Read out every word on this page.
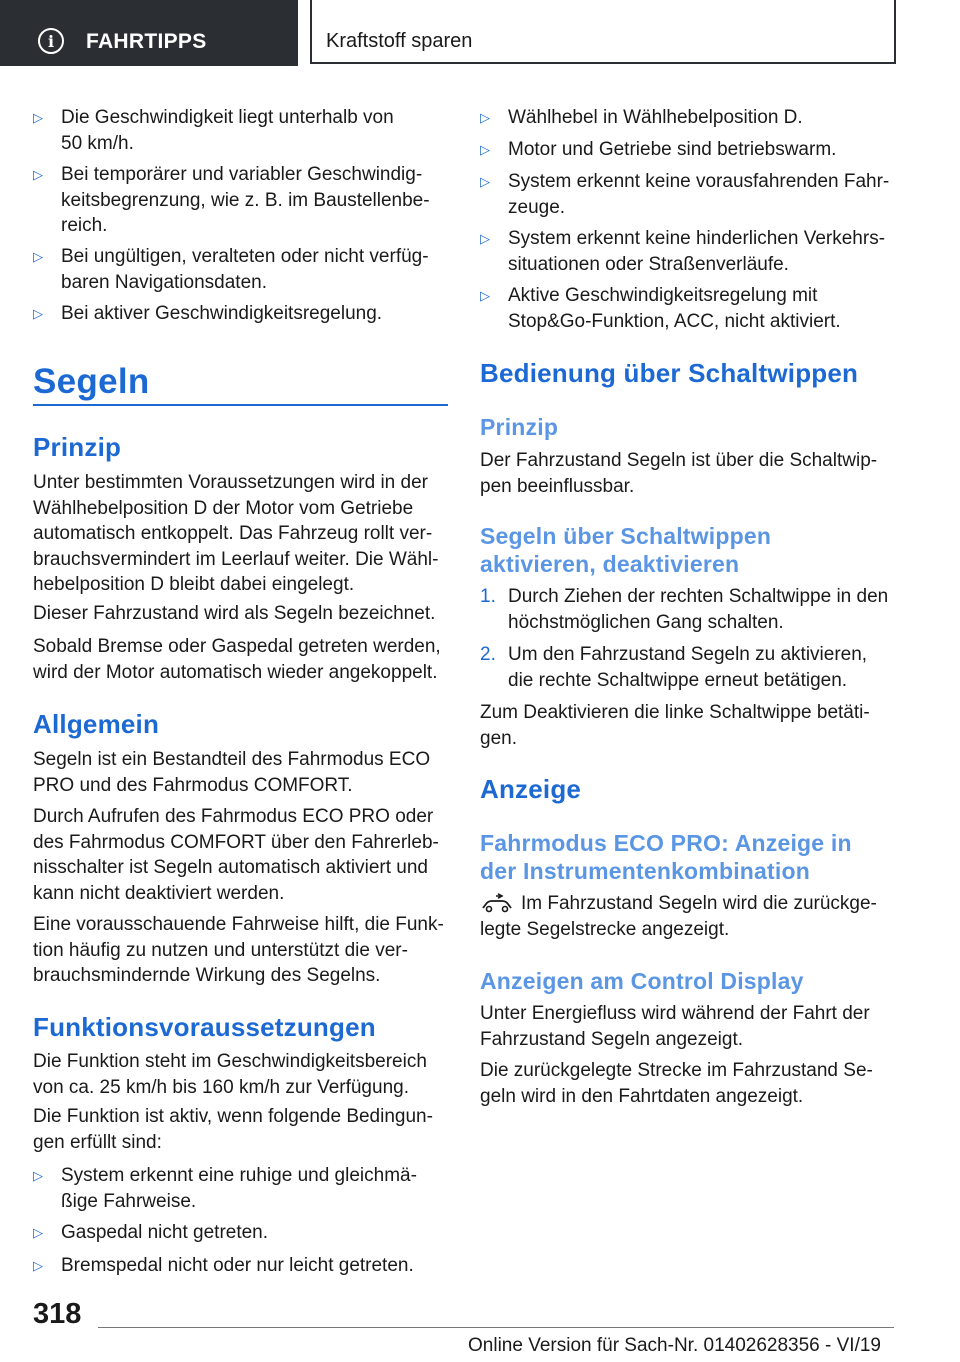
i	FAHRTIPPS	Kraftstoff sparen
▷ Die Geschwindigkeit liegt unterhalb von
50 km/h.
▷ Bei temporärer und variabler Geschwindig-
keitsbegrenzung, wie z. B. im Baustellenbe-
reich.
▷ Bei ungültigen, veralteten oder nicht verfüg-
baren Navigationsdaten.
▷ Bei aktiver Geschwindigkeitsregelung.
Segeln
Prinzip
Unter bestimmten Voraussetzungen wird in der
Wählhebelposition D der Motor vom Getriebe
automatisch entkoppelt. Das Fahrzeug rollt ver-
brauchsvermindert im Leerlauf weiter. Die Wähl-
hebelposition D bleibt dabei eingelegt.
Dieser Fahrzustand wird als Segeln bezeichnet.
Sobald Bremse oder Gaspedal getreten werden,
wird der Motor automatisch wieder angekoppelt.
Allgemein
Segeln ist ein Bestandteil des Fahrmodus ECO
PRO und des Fahrmodus COMFORT.
Durch Aufrufen des Fahrmodus ECO PRO oder
des Fahrmodus COMFORT über den Fahrerleb-
nisschalter ist Segeln automatisch aktiviert und
kann nicht deaktiviert werden.
Eine vorausschauende Fahrweise hilft, die Funk-
tion häufig zu nutzen und unterstützt die ver-
brauchsmindernde Wirkung des Segelns.
Funktionsvoraussetzungen
Die Funktion steht im Geschwindigkeitsbereich
von ca. 25 km/h bis 160 km/h zur Verfügung.
Die Funktion ist aktiv, wenn folgende Bedingun-
gen erfüllt sind:
▷ System erkennt eine ruhige und gleichmä-
ßige Fahrweise.
▷ Gaspedal nicht getreten.
▷ Bremspedal nicht oder nur leicht getreten.
▷ Wählhebel in Wählhebelposition D.
▷ Motor und Getriebe sind betriebswarm.
▷ System erkennt keine vorausfahrenden Fahr-
zeuge.
▷ System erkennt keine hinderlichen Verkehrs-
situationen oder Straßenverläufe.
▷ Aktive Geschwindigkeitsregelung mit
Stop&Go-Funktion, ACC, nicht aktiviert.
Bedienung über Schaltwippen
Prinzip
Der Fahrzustand Segeln ist über die Schaltwip-
pen beeinflussbar.
Segeln über Schaltwippen
aktivieren, deaktivieren
1. Durch Ziehen der rechten Schaltwippe in den
höchstmöglichen Gang schalten.
2. Um den Fahrzustand Segeln zu aktivieren,
die rechte Schaltwippe erneut betätigen.
Zum Deaktivieren die linke Schaltwippe betäti-
gen.
Anzeige
Fahrmodus ECO PRO: Anzeige in
der Instrumentenkombination
Im Fahrzustand Segeln wird die zurückge-
legte Segelstrecke angezeigt.
Anzeigen am Control Display
Unter Energiefluss wird während der Fahrt der
Fahrzustand Segeln angezeigt.
Die zurückgelegte Strecke im Fahrzustand Se-
geln wird in den Fahrtdaten angezeigt.
318
Online Version für Sach-Nr. 01402628356 - VI/19
